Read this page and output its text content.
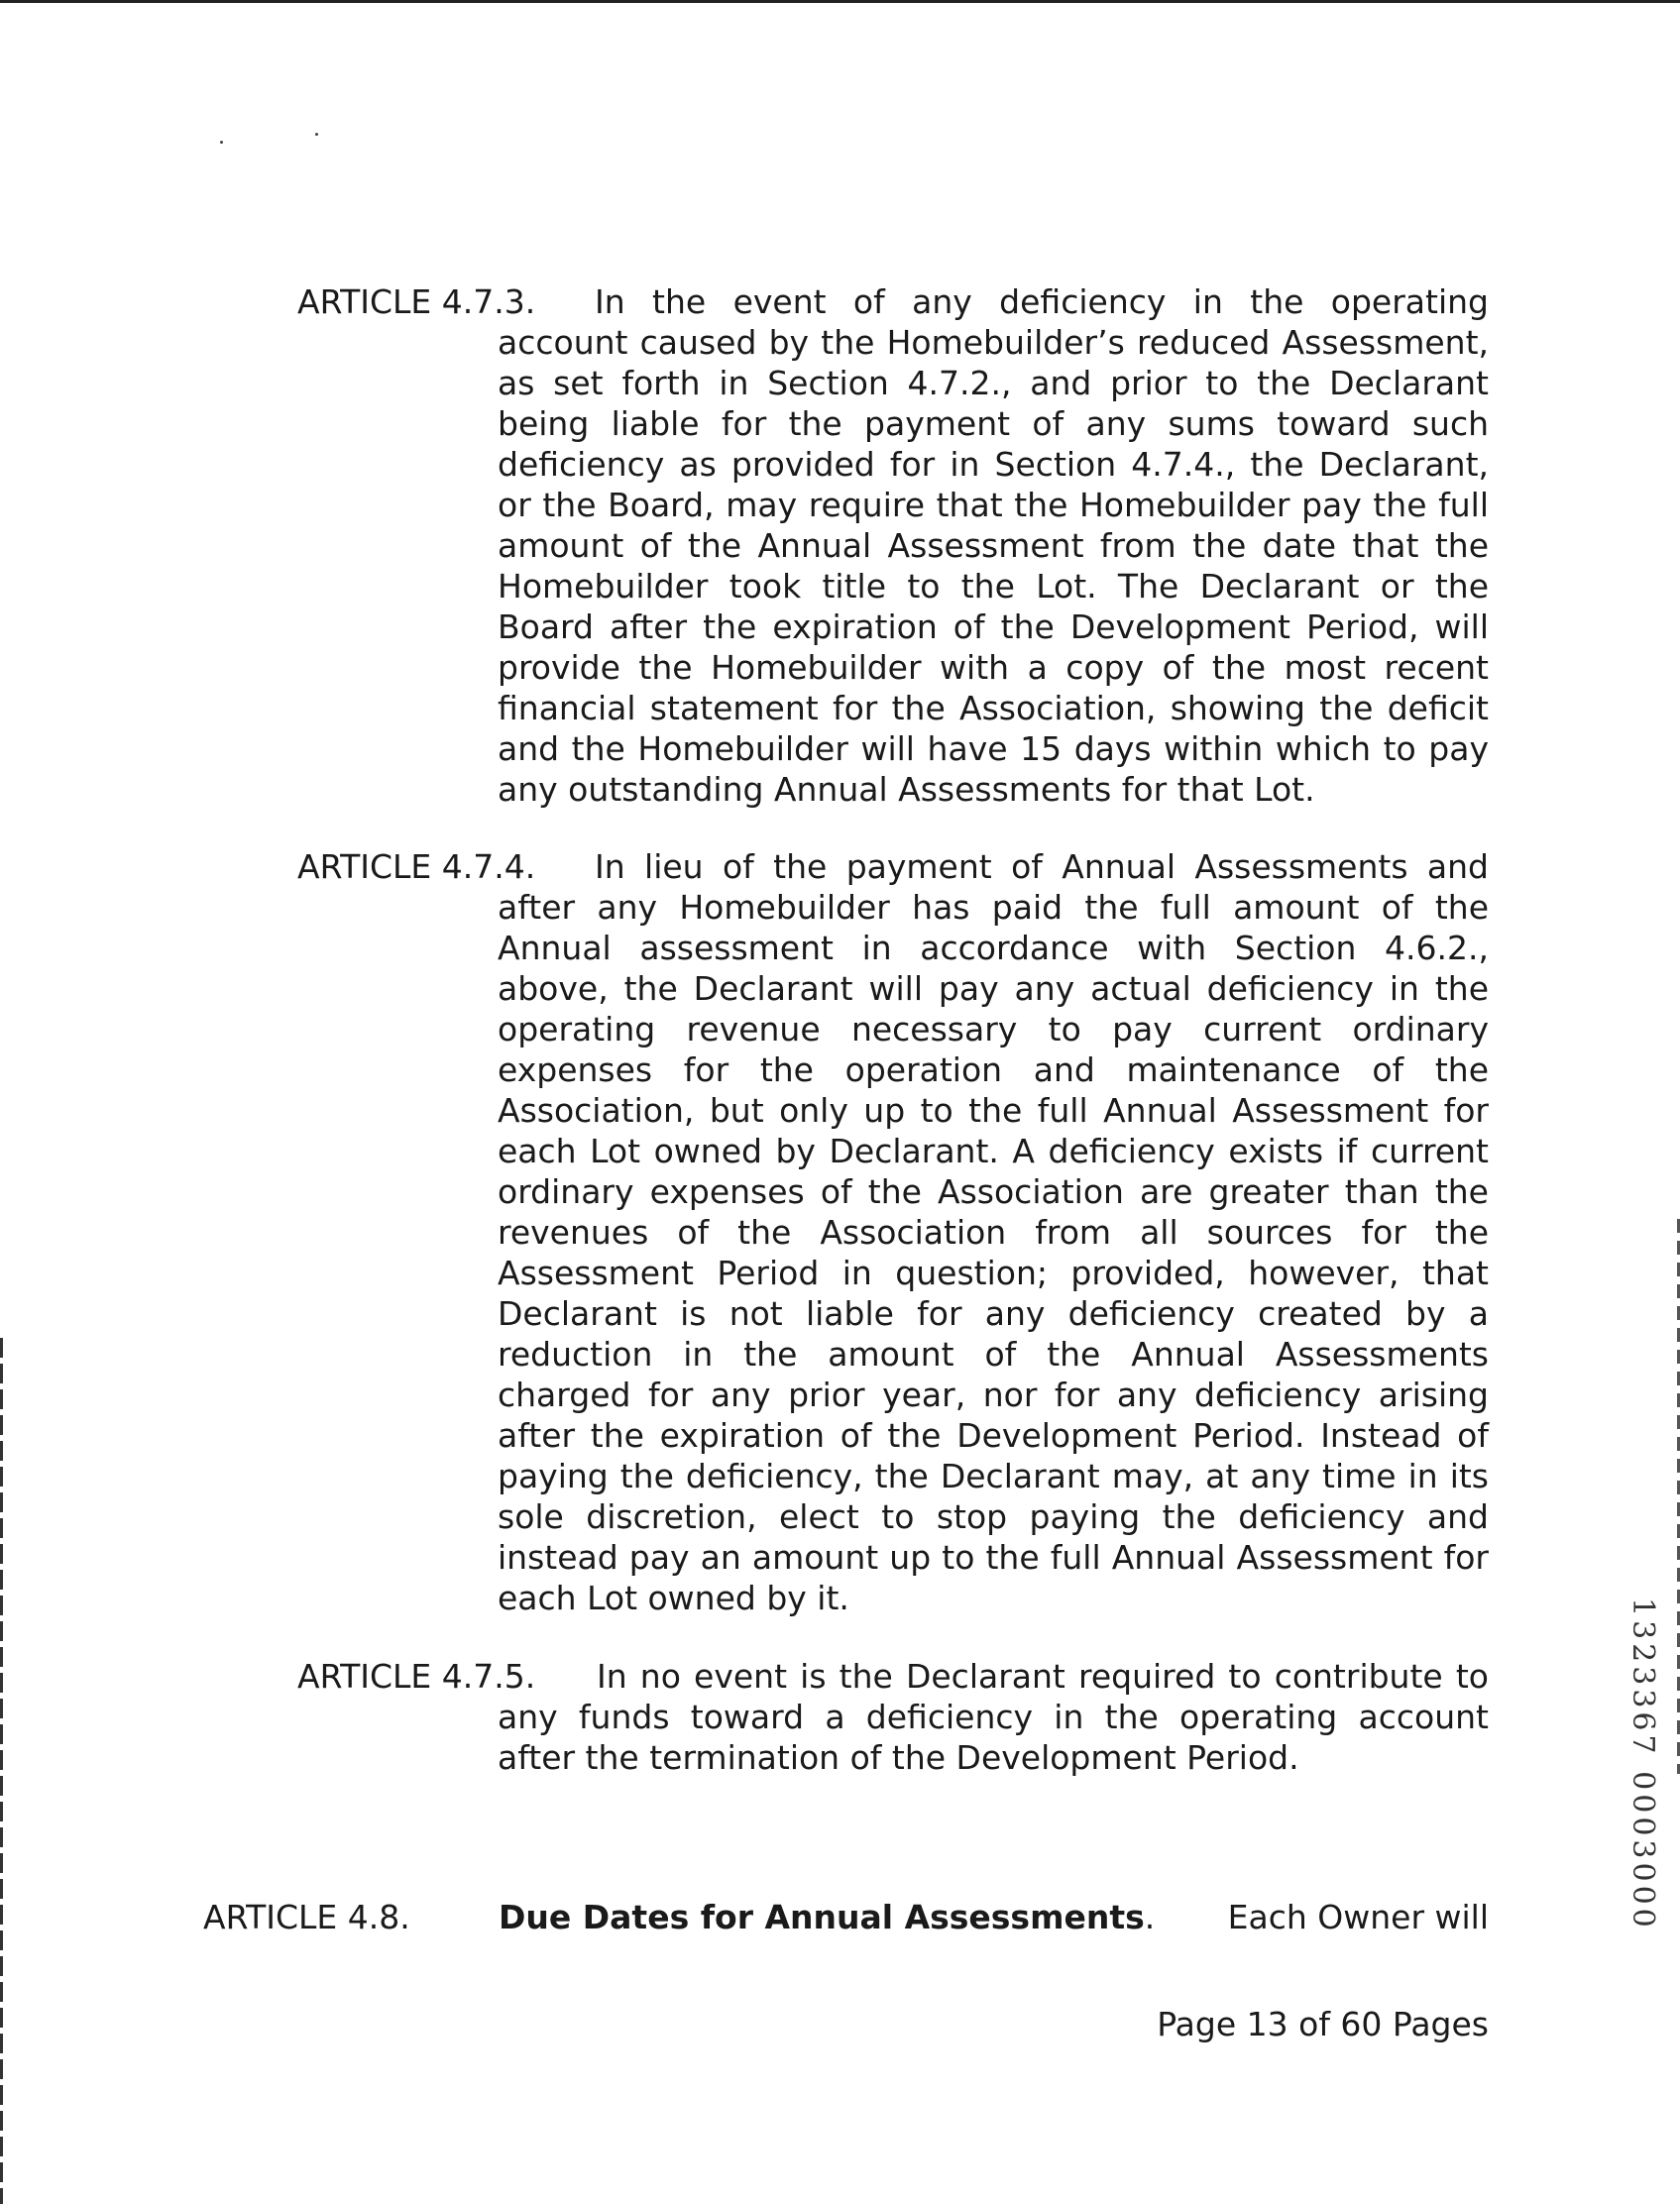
ARTICLE 4.7.3.	In the event of any deficiency in the operating account caused by the Homebuilder’s reduced Assessment, as set forth in Section 4.7.2., and prior to the Declarant being liable for the payment of any sums toward such deficiency as provided for in Section 4.7.4., the Declarant, or the Board, may require that the Homebuilder pay the full amount of the Annual Assessment from the date that the Homebuilder took title to the Lot. The Declarant or the Board after the expiration of the Development Period, will provide the Homebuilder with a copy of the most recent financial statement for the Association, showing the deficit and the Homebuilder will have 15 days within which to pay any outstanding Annual Assessments for that Lot.
ARTICLE 4.7.4.	In lieu of the payment of Annual Assessments and after any Homebuilder has paid the full amount of the Annual assessment in accordance with Section 4.6.2., above, the Declarant will pay any actual deficiency in the operating revenue necessary to pay current ordinary expenses for the operation and maintenance of the Association, but only up to the full Annual Assessment for each Lot owned by Declarant. A deficiency exists if current ordinary expenses of the Association are greater than the revenues of the Association from all sources for the Assessment Period in question; provided, however, that Declarant is not liable for any deficiency created by a reduction in the amount of the Annual Assessments charged for any prior year, nor for any deficiency arising after the expiration of the Development Period. Instead of paying the deficiency, the Declarant may, at any time in its sole discretion, elect to stop paying the deficiency and instead pay an amount up to the full Annual Assessment for each Lot owned by it.
ARTICLE 4.7.5.	In no event is the Declarant required to contribute to any funds toward a deficiency in the operating account after the termination of the Development Period.
ARTICLE 4.8.	Due Dates for Annual Assessments. Each Owner will
Page 13 of 60 Pages
1323367 0003000
